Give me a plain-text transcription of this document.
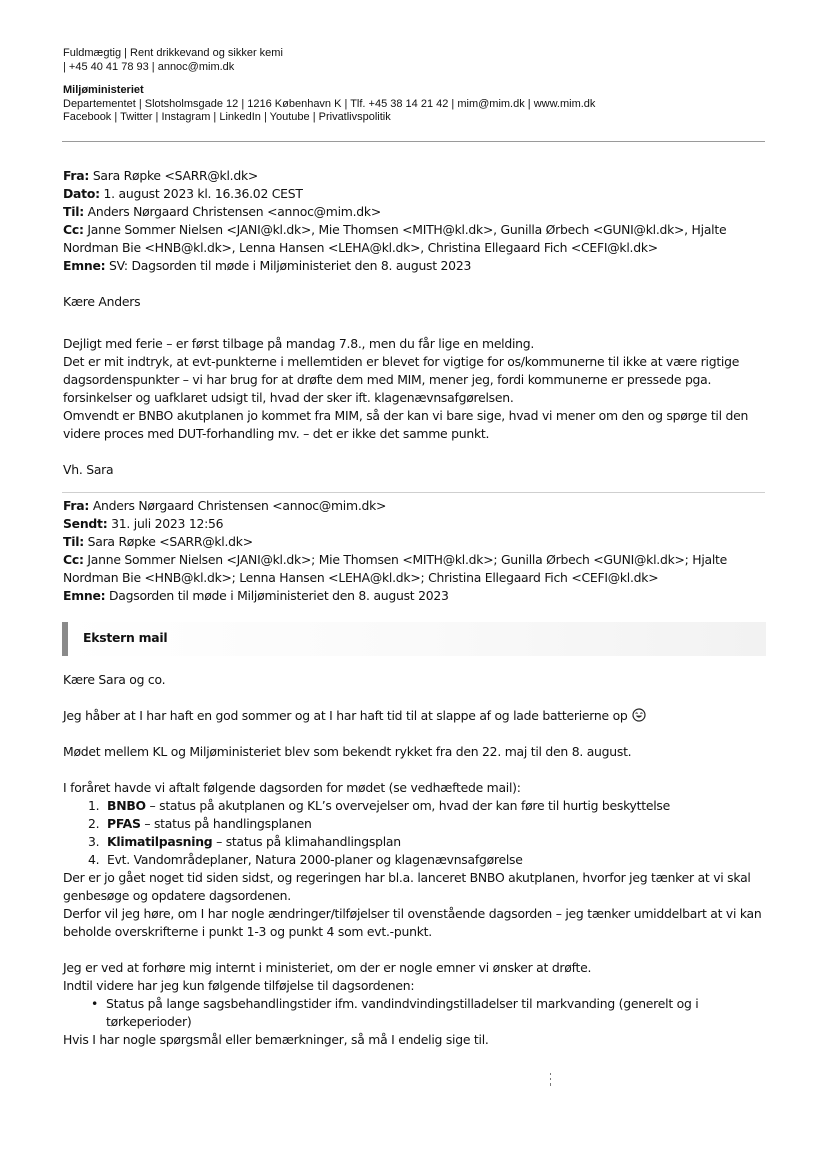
Fuldmægtig | Rent drikkevand og sikker kemi
| +45 40 41 78 93 | annoc@mim.dk
Miljøministeriet
Departementet | Slotsholmsgade 12 | 1216 København K | Tlf. +45 38 14 21 42 | mim@mim.dk | www.mim.dk
Facebook | Twitter | Instagram | LinkedIn | Youtube | Privatlivspolitik
Fra: Sara Røpke <SARR@kl.dk>
Dato: 1. august 2023 kl. 16.36.02 CEST
Til: Anders Nørgaard Christensen <annoc@mim.dk>
Cc: Janne Sommer Nielsen <JANI@kl.dk>, Mie Thomsen <MITH@kl.dk>, Gunilla Ørbech <GUNI@kl.dk>, Hjalte Nordman Bie <HNB@kl.dk>, Lenna Hansen <LEHA@kl.dk>, Christina Ellegaard Fich <CEFI@kl.dk>
Emne: SV: Dagsorden til møde i Miljøministeriet den 8. august 2023
Kære Anders
Dejligt med ferie – er først tilbage på mandag 7.8., men du får lige en melding.
Det er mit indtryk, at evt-punkterne i mellemtiden er blevet for vigtige for os/kommunerne til ikke at være rigtige dagsordenspunkter – vi har brug for at drøfte dem med MIM, mener jeg, fordi kommunerne er pressede pga. forsinkelser og uafklaret udsigt til, hvad der sker ift. klagenævnsafgørelsen.
Omvendt er BNBO akutplanen jo kommet fra MIM, så der kan vi bare sige, hvad vi mener om den og spørge til den videre proces med DUT-forhandling mv. – det er ikke det samme punkt.
Vh. Sara
Fra: Anders Nørgaard Christensen <annoc@mim.dk>
Sendt: 31. juli 2023 12:56
Til: Sara Røpke <SARR@kl.dk>
Cc: Janne Sommer Nielsen <JANI@kl.dk>; Mie Thomsen <MITH@kl.dk>; Gunilla Ørbech <GUNI@kl.dk>; Hjalte Nordman Bie <HNB@kl.dk>; Lenna Hansen <LEHA@kl.dk>; Christina Ellegaard Fich <CEFI@kl.dk>
Emne: Dagsorden til møde i Miljøministeriet den 8. august 2023
Ekstern mail
Kære Sara og co.
Jeg håber at I har haft en god sommer og at I har haft tid til at slappe af og lade batterierne op
Mødet mellem KL og Miljøministeriet blev som bekendt rykket fra den 22. maj til den 8. august.
I foråret havde vi aftalt følgende dagsorden for mødet (se vedhæftede mail):
1. BNBO – status på akutplanen og KL’s overvejelser om, hvad der kan føre til hurtig beskyttelse
2. PFAS – status på handlingsplanen
3. Klimatilpasning – status på klimahandlingsplan
4. Evt. Vandområdeplaner, Natura 2000-planer og klagenævnsafgørelse
Der er jo gået noget tid siden sidst, og regeringen har bl.a. lanceret BNBO akutplanen, hvorfor jeg tænker at vi skal genbesøge og opdatere dagsordenen.
Derfor vil jeg høre, om I har nogle ændringer/tilføjelser til ovenstående dagsorden – jeg tænker umiddelbart at vi kan beholde overskrifterne i punkt 1-3 og punkt 4 som evt.-punkt.
Jeg er ved at forhøre mig internt i ministeriet, om der er nogle emner vi ønsker at drøfte.
Indtil videre har jeg kun følgende tilføjelse til dagsordenen:
• Status på lange sagsbehandlingstider ifm. vandindvindingstilladelser til markvanding (generelt og i tørkeperioder)
Hvis I har nogle spørgsmål eller bemærkninger, så må I endelig sige til.
